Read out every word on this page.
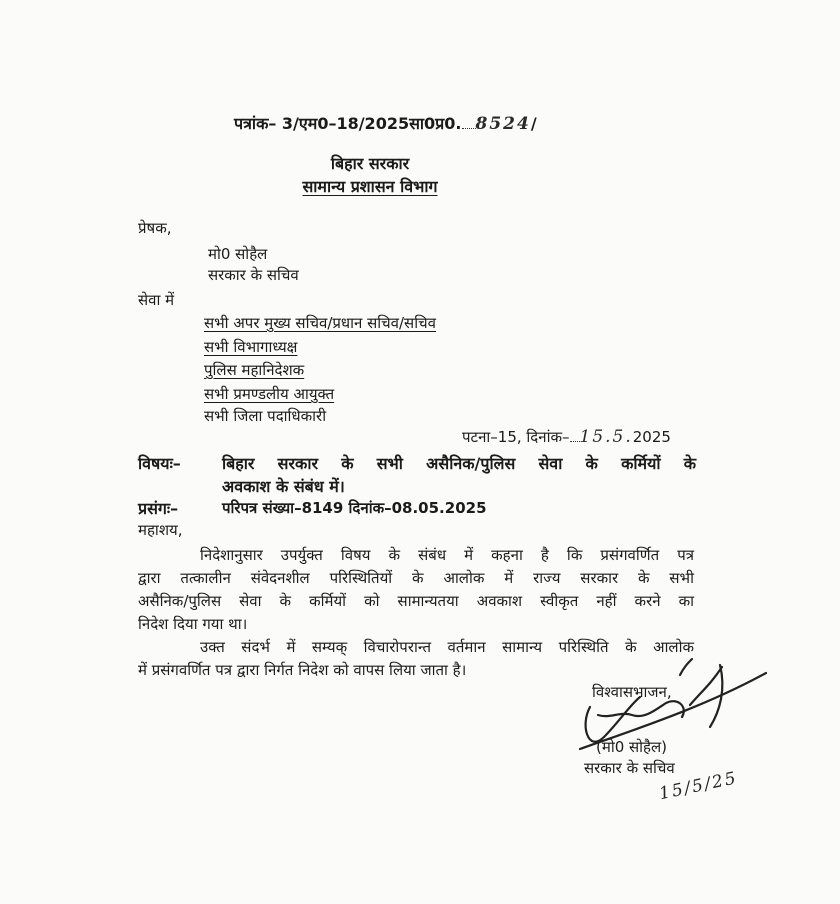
पत्रांक– 3/एम0–18/2025सा0प्र0. 8524/
बिहार सरकार
सामान्य प्रशासन विभाग
प्रेषक,
मो0 सोहैल
सरकार के सचिव
सेवा में
सभी अपर मुख्य सचिव/प्रधान सचिव/सचिव
सभी विभागाध्यक्ष
पुलिस महानिदेशक
सभी प्रमण्डलीय आयुक्त
सभी जिला पदाधिकारी
पटना–15, दिनांक– 15.5.2025
विषयः–	बिहार सरकार के सभी असैनिक/पुलिस सेवा के कर्मियों के
अवकाश के संबंध में।
प्रसंगः–	परिपत्र संख्या–8149 दिनांक–08.05.2025
महाशय,
निदेशानुसार उपर्युक्त विषय के संबंध में कहना है कि प्रसंगवर्णित पत्र
द्वारा तत्कालीन संवेदनशील परिस्थितियों के आलोक में राज्य सरकार के सभी
असैनिक/पुलिस सेवा के कर्मियों को सामान्यतया अवकाश स्वीकृत नहीं करने का
निदेश दिया गया था।
उक्त संदर्भ में सम्यक् विचारोपरान्त वर्तमान सामान्य परिस्थिति के आलोक
में प्रसंगवर्णित पत्र द्वारा निर्गत निदेश को वापस लिया जाता है।
विश्वासभाजन,
(मो0 सोहैल)
सरकार के सचिव
15/5/25
